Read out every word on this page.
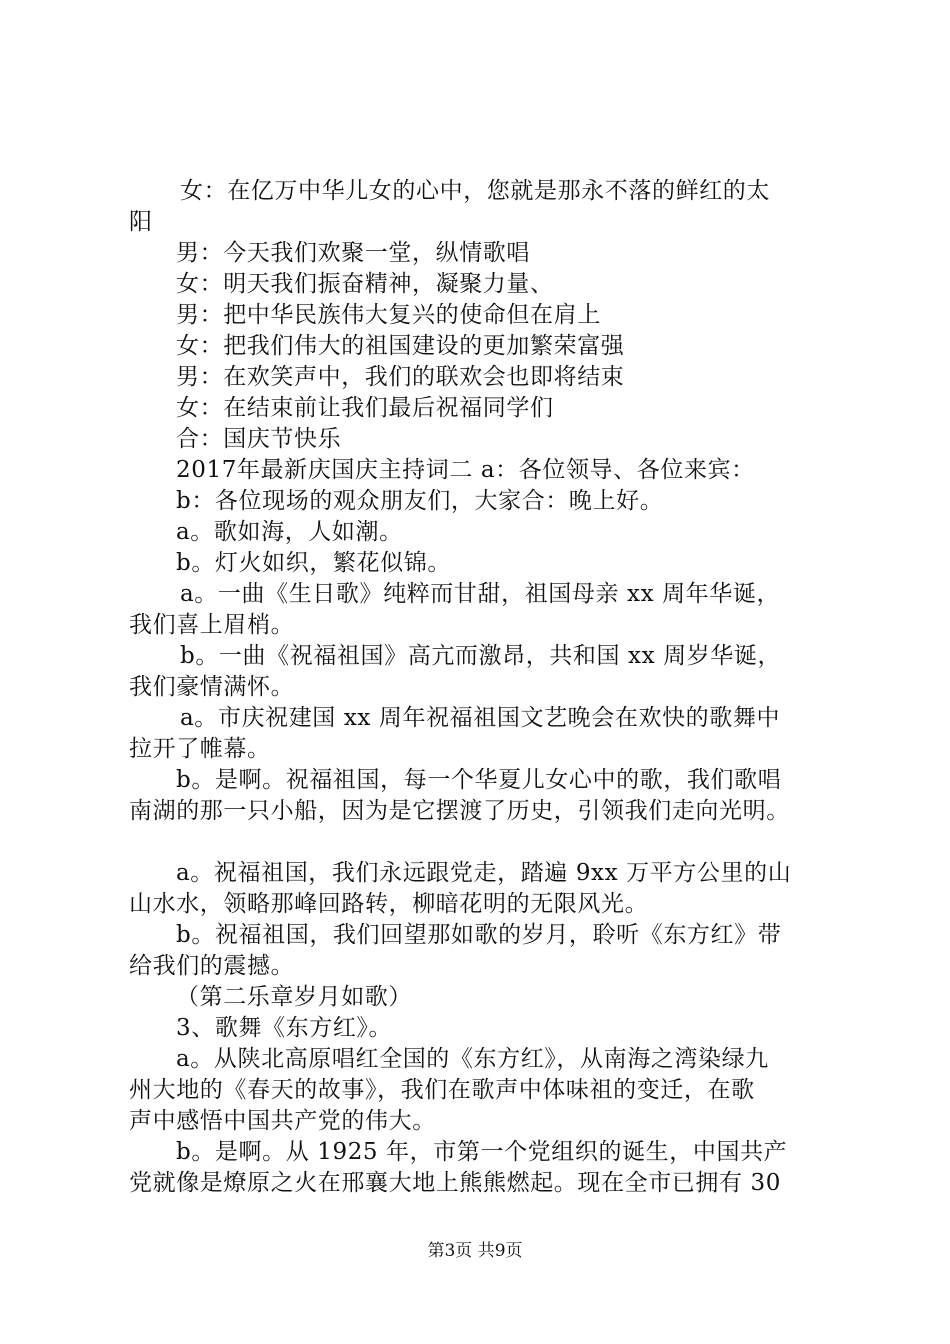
女：在亿万中华儿女的心中，您就是那永不落的鲜红的太
阳
男：今天我们欢聚一堂，纵情歌唱
女：明天我们振奋精神，凝聚力量、
男：把中华民族伟大复兴的使命但在肩上
女：把我们伟大的祖国建设的更加繁荣富强
男：在欢笑声中，我们的联欢会也即将结束
女：在结束前让我们最后祝福同学们
合：国庆节快乐
2017年最新庆国庆主持词二 a：各位领导、各位来宾：
b：各位现场的观众朋友们，大家合：晚上好。
a。歌如海，人如潮。
b。灯火如织，繁花似锦。
a。一曲《生日歌》纯粹而甘甜，祖国母亲 xx 周年华诞，
我们喜上眉梢。
b。一曲《祝福祖国》高亢而激昂，共和国 xx 周岁华诞，
我们豪情满怀。
a。市庆祝建国 xx 周年祝福祖国文艺晚会在欢快的歌舞中
拉开了帷幕。
b。是啊。祝福祖国，每一个华夏儿女心中的歌，我们歌唱
南湖的那一只小船，因为是它摆渡了历史，引领我们走向光明。
a。祝福祖国，我们永远跟党走，踏遍 9xx 万平方公里的山
山水水，领略那峰回路转，柳暗花明的无限风光。
b。祝福祖国，我们回望那如歌的岁月，聆听《东方红》带
给我们的震撼。
（第二乐章岁月如歌）
3、歌舞《东方红》。
a。从陕北高原唱红全国的《东方红》，从南海之湾染绿九
州大地的《春天的故事》，我们在歌声中体味祖的变迁，在歌
声中感悟中国共产党的伟大。
b。是啊。从 1925 年，市第一个党组织的诞生，中国共产
党就像是燎原之火在邢襄大地上熊熊燃起。现在全市已拥有 30
第3页 共9页
